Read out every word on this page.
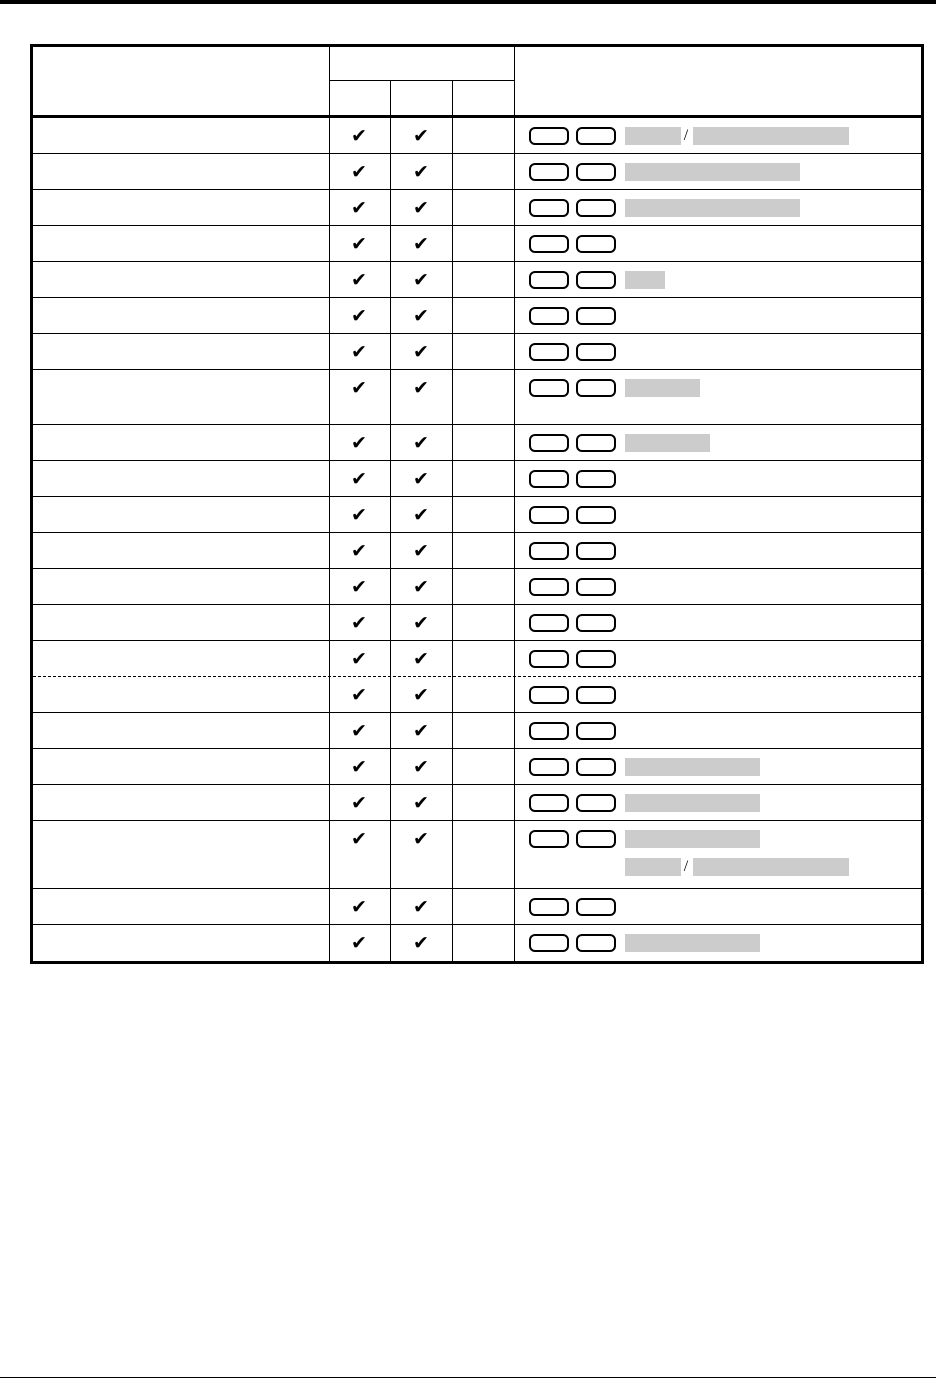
✔ ✔	/
✔ ✔
✔ ✔
✔ ✔
✔ ✔
✔ ✔
✔ ✔
✔ ✔
✔ ✔
✔ ✔
✔ ✔
✔ ✔
✔ ✔
✔ ✔
✔ ✔
✔ ✔
✔ ✔
✔ ✔
✔ ✔
✔ ✔
/
✔ ✔
✔ ✔
